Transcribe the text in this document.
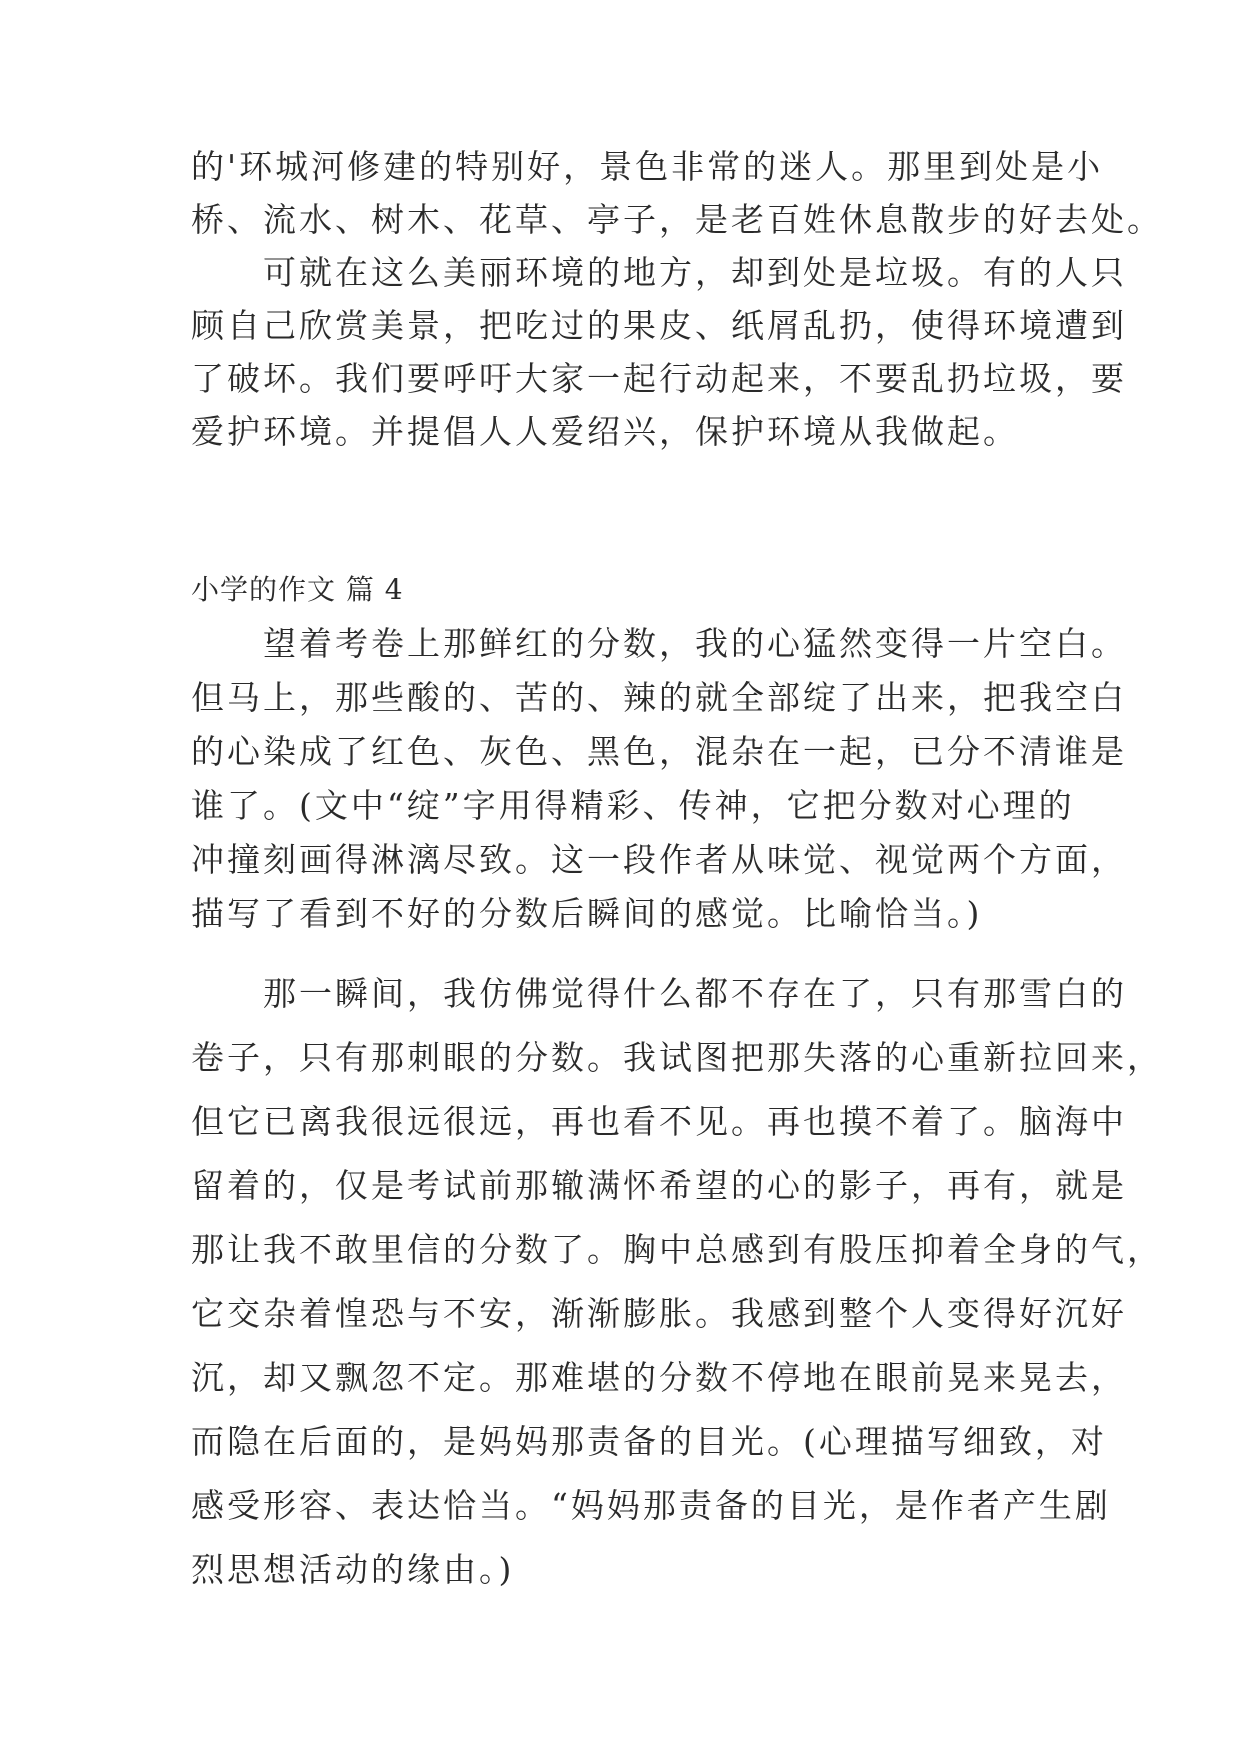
的'环城河修建的特别好，景色非常的迷人。那里到处是小
桥、流水、树木、花草、亭子，是老百姓休息散步的好去处。
　　可就在这么美丽环境的地方，却到处是垃圾。有的人只
顾自己欣赏美景，把吃过的果皮、纸屑乱扔，使得环境遭到
了破坏。我们要呼吁大家一起行动起来，不要乱扔垃圾，要
爱护环境。并提倡人人爱绍兴，保护环境从我做起。
小学的作文 篇 4
　　望着考卷上那鲜红的分数，我的心猛然变得一片空白。
但马上，那些酸的、苦的、辣的就全部绽了出来，把我空白
的心染成了红色、灰色、黑色，混杂在一起，已分不清谁是
谁了。(文中“绽”字用得精彩、传神，它把分数对心理的
冲撞刻画得淋漓尽致。这一段作者从味觉、视觉两个方面，
描写了看到不好的分数后瞬间的感觉。比喻恰当。)
　　那一瞬间，我仿佛觉得什么都不存在了，只有那雪白的
卷子，只有那刺眼的分数。我试图把那失落的心重新拉回来，
但它已离我很远很远，再也看不见。再也摸不着了。脑海中
留着的，仅是考试前那辙满怀希望的心的影子，再有，就是
那让我不敢里信的分数了。胸中总感到有股压抑着全身的气，
它交杂着惶恐与不安，渐渐膨胀。我感到整个人变得好沉好
沉，却又飘忽不定。那难堪的分数不停地在眼前晃来晃去，
而隐在后面的，是妈妈那责备的目光。(心理描写细致，对
感受形容、表达恰当。“妈妈那责备的目光，是作者产生剧
烈思想活动的缘由。)
